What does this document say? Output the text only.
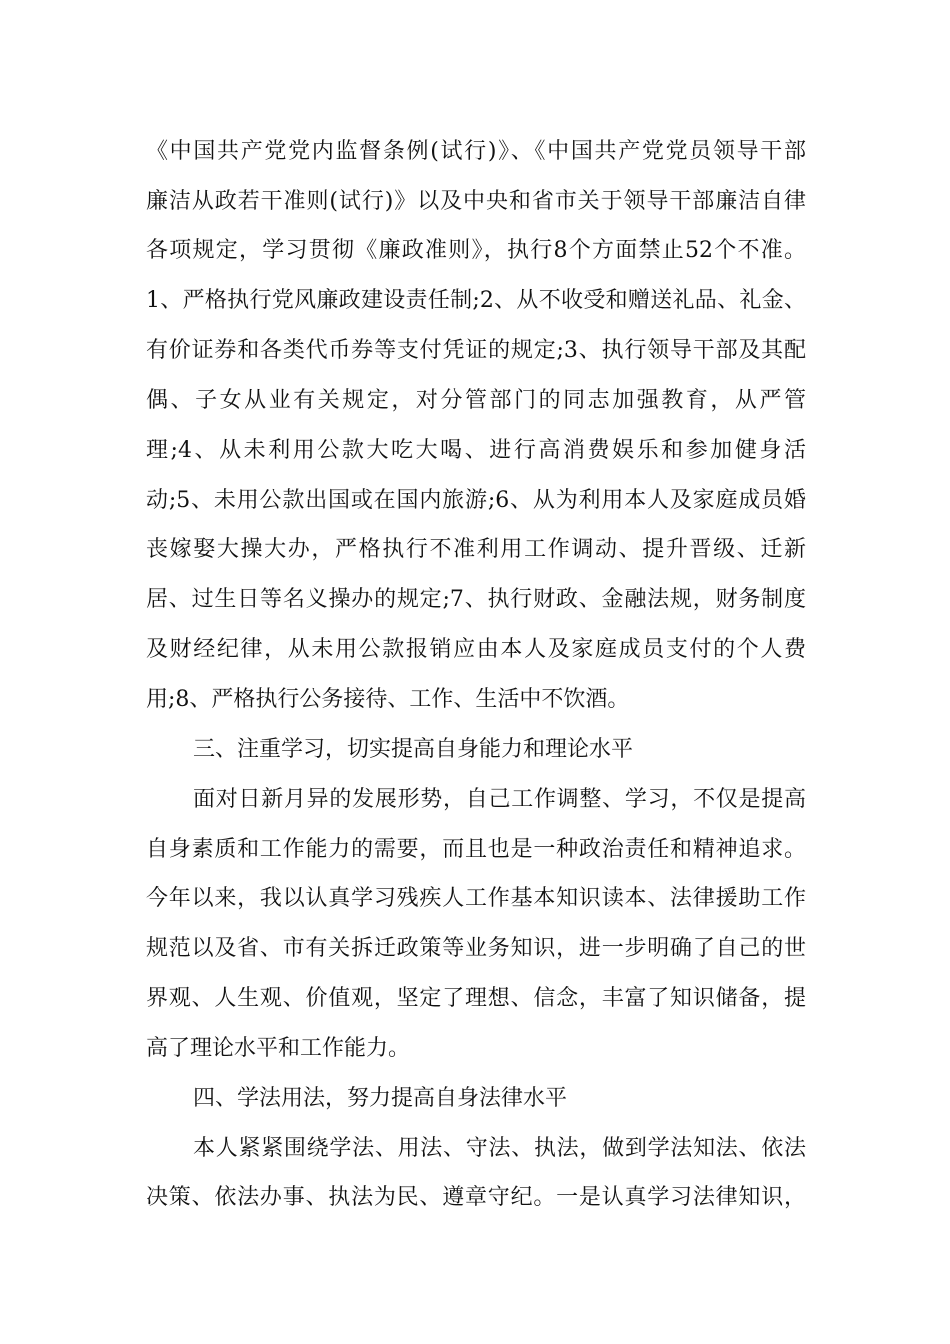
《中国共产党党内监督条例(试行)》、《中国共产党党员领导干部
廉洁从政若干准则(试行)》以及中央和省市关于领导干部廉洁自律
各项规定，学习贯彻《廉政准则》，执行8个方面禁止52个不准。
1、严格执行党风廉政建设责任制;2、从不收受和赠送礼品、礼金、
有价证券和各类代币券等支付凭证的规定;3、执行领导干部及其配
偶、子女从业有关规定，对分管部门的同志加强教育，从严管
理;4、从未利用公款大吃大喝、进行高消费娱乐和参加健身活
动;5、未用公款出国或在国内旅游;6、从为利用本人及家庭成员婚
丧嫁娶大操大办，严格执行不准利用工作调动、提升晋级、迁新
居、过生日等名义操办的规定;7、执行财政、金融法规，财务制度
及财经纪律，从未用公款报销应由本人及家庭成员支付的个人费
用;8、严格执行公务接待、工作、生活中不饮酒。
三、注重学习，切实提高自身能力和理论水平
面对日新月异的发展形势，自己工作调整、学习，不仅是提高
自身素质和工作能力的需要，而且也是一种政治责任和精神追求。
今年以来，我以认真学习残疾人工作基本知识读本、法律援助工作
规范以及省、市有关拆迁政策等业务知识，进一步明确了自己的世
界观、人生观、价值观，坚定了理想、信念，丰富了知识储备，提
高了理论水平和工作能力。
四、学法用法，努力提高自身法律水平
本人紧紧围绕学法、用法、守法、执法，做到学法知法、依法
决策、依法办事、执法为民、遵章守纪。一是认真学习法律知识，
